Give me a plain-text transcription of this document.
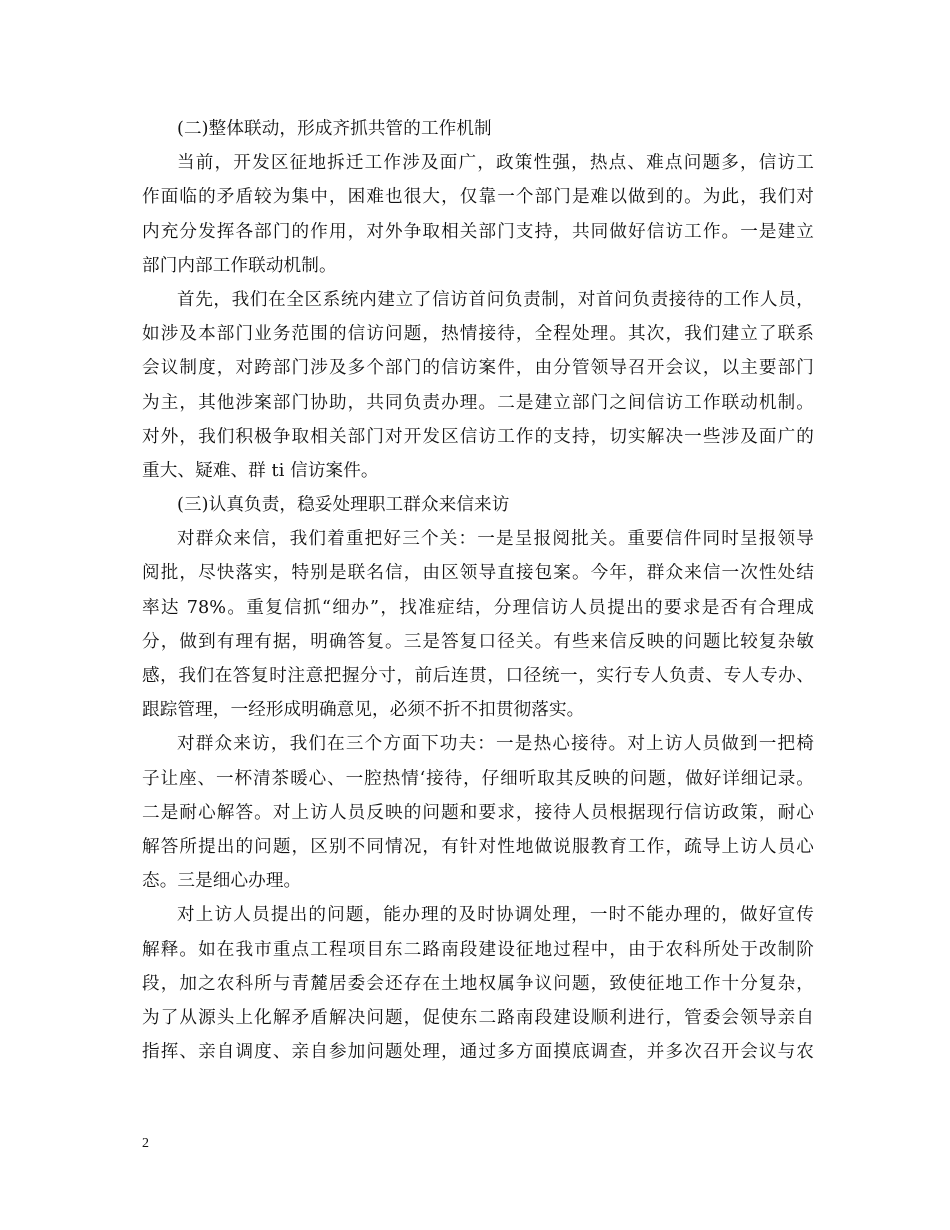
(二)整体联动，形成齐抓共管的工作机制
当前，开发区征地拆迁工作涉及面广，政策性强，热点、难点问题多，信访工
作面临的矛盾较为集中，困难也很大，仅靠一个部门是难以做到的。为此，我们对
内充分发挥各部门的作用，对外争取相关部门支持，共同做好信访工作。一是建立
部门内部工作联动机制。
首先，我们在全区系统内建立了信访首问负责制，对首问负责接待的工作人员，
如涉及本部门业务范围的信访问题，热情接待，全程处理。其次，我们建立了联系
会议制度，对跨部门涉及多个部门的信访案件，由分管领导召开会议，以主要部门
为主，其他涉案部门协助，共同负责办理。二是建立部门之间信访工作联动机制。
对外，我们积极争取相关部门对开发区信访工作的支持，切实解决一些涉及面广的
重大、疑难、群 ti 信访案件。
(三)认真负责，稳妥处理职工群众来信来访
对群众来信，我们着重把好三个关：一是呈报阅批关。重要信件同时呈报领导
阅批，尽快落实，特别是联名信，由区领导直接包案。今年，群众来信一次性处结
率达 78%。重复信抓“细办”，找准症结，分理信访人员提出的要求是否有合理成
分，做到有理有据，明确答复。三是答复口径关。有些来信反映的问题比较复杂敏
感，我们在答复时注意把握分寸，前后连贯，口径统一，实行专人负责、专人专办、
跟踪管理，一经形成明确意见，必须不折不扣贯彻落实。
对群众来访，我们在三个方面下功夫：一是热心接待。对上访人员做到一把椅
子让座、一杯清茶暖心、一腔热情‘接待，仔细听取其反映的问题，做好详细记录。
二是耐心解答。对上访人员反映的问题和要求，接待人员根据现行信访政策，耐心
解答所提出的问题，区别不同情况，有针对性地做说服教育工作，疏导上访人员心
态。三是细心办理。
对上访人员提出的问题，能办理的及时协调处理，一时不能办理的，做好宣传
解释。如在我市重点工程项目东二路南段建设征地过程中，由于农科所处于改制阶
段，加之农科所与青麓居委会还存在土地权属争议问题，致使征地工作十分复杂，
为了从源头上化解矛盾解决问题，促使东二路南段建设顺利进行，管委会领导亲自
指挥、亲自调度、亲自参加问题处理，通过多方面摸底调查，并多次召开会议与农
2
